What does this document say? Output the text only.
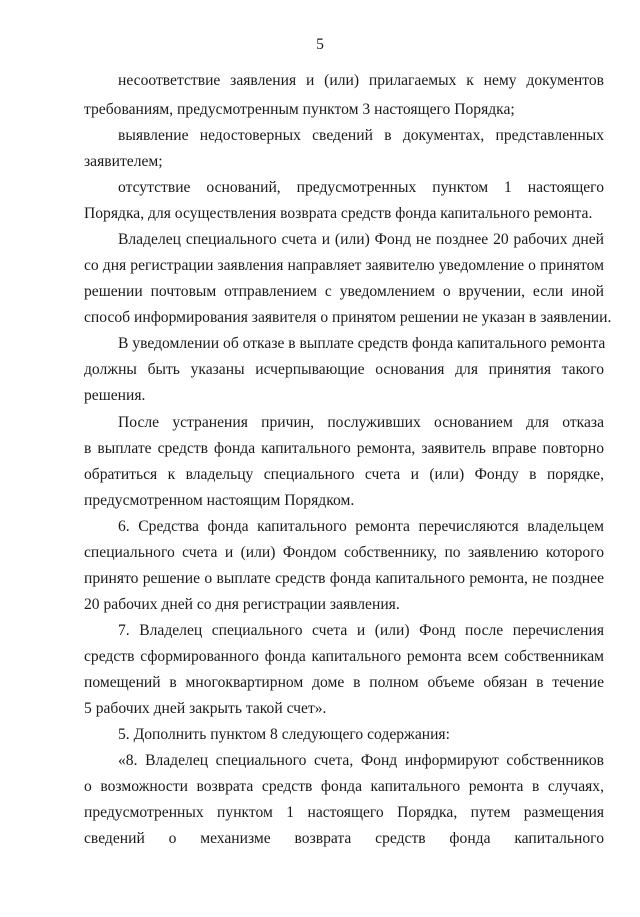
5
несоответствие заявления и (или) прилагаемых к нему документов
требованиям, предусмотренным пунктом 3 настоящего Порядка;
выявление недостоверных сведений в документах, представленных
заявителем;
отсутствие оснований, предусмотренных пунктом 1 настоящего
Порядка, для осуществления возврата средств фонда капитального ремонта.
Владелец специального счета и (или) Фонд не позднее 20 рабочих дней
со дня регистрации заявления направляет заявителю уведомление о принятом
решении почтовым отправлением с уведомлением о вручении, если иной
способ информирования заявителя о принятом решении не указан в заявлении.
В уведомлении об отказе в выплате средств фонда капитального ремонта
должны быть указаны исчерпывающие основания для принятия такого
решения.
После устранения причин, послуживших основанием для отказа
в выплате средств фонда капитального ремонта, заявитель вправе повторно
обратиться к владельцу специального счета и (или) Фонду в порядке,
предусмотренном настоящим Порядком.
6. Средства фонда капитального ремонта перечисляются владельцем
специального счета и (или) Фондом собственнику, по заявлению которого
принято решение о выплате средств фонда капитального ремонта, не позднее
20 рабочих дней со дня регистрации заявления.
7. Владелец специального счета и (или) Фонд после перечисления
средств сформированного фонда капитального ремонта всем собственникам
помещений в многоквартирном доме в полном объеме обязан в течение
5 рабочих дней закрыть такой счет».
5. Дополнить пунктом 8 следующего содержания:
«8. Владелец специального счета, Фонд информируют собственников
о возможности возврата средств фонда капитального ремонта в случаях,
предусмотренных пунктом 1 настоящего Порядка, путем размещения
сведений о механизме возврата средств фонда капитального
